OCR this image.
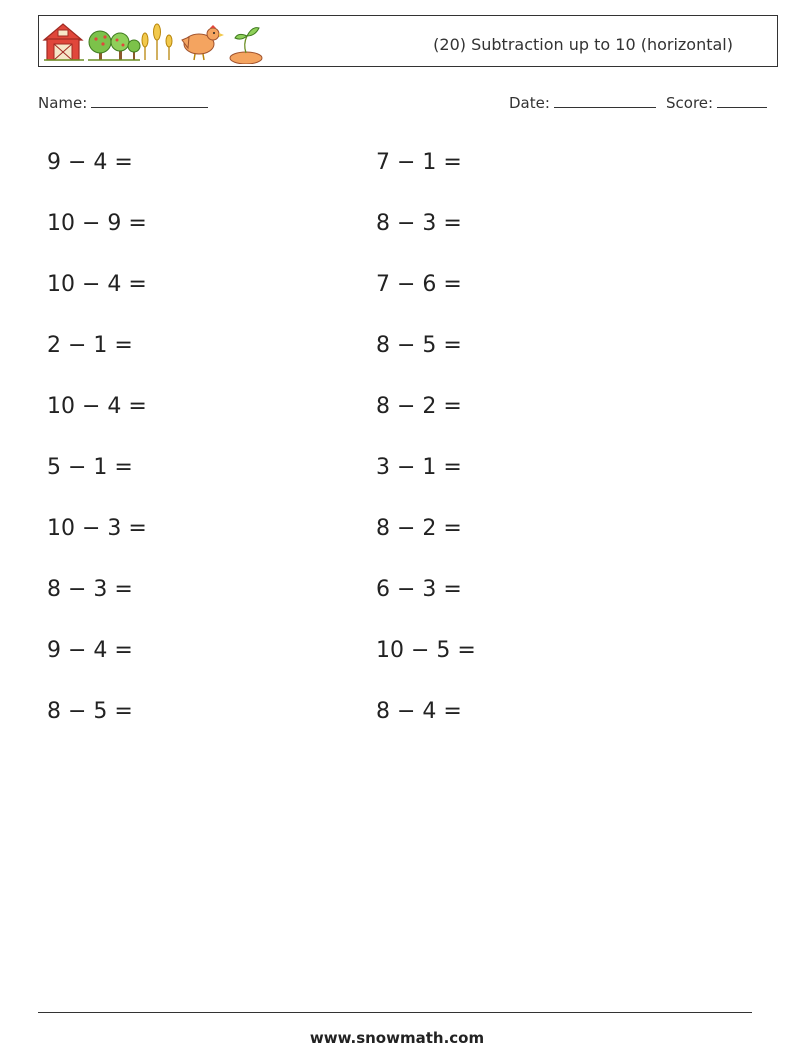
(20) Subtraction up to 10 (horizontal)
Name:	Date:	Score:
9 − 4 =
10 − 9 =
10 − 4 =
2 − 1 =
10 − 4 =
5 − 1 =
10 − 3 =
8 − 3 =
9 − 4 =
8 − 5 =
7 − 1 =
8 − 3 =
7 − 6 =
8 − 5 =
8 − 2 =
3 − 1 =
8 − 2 =
6 − 3 =
10 − 5 =
8 − 4 =
www.snowmath.com
